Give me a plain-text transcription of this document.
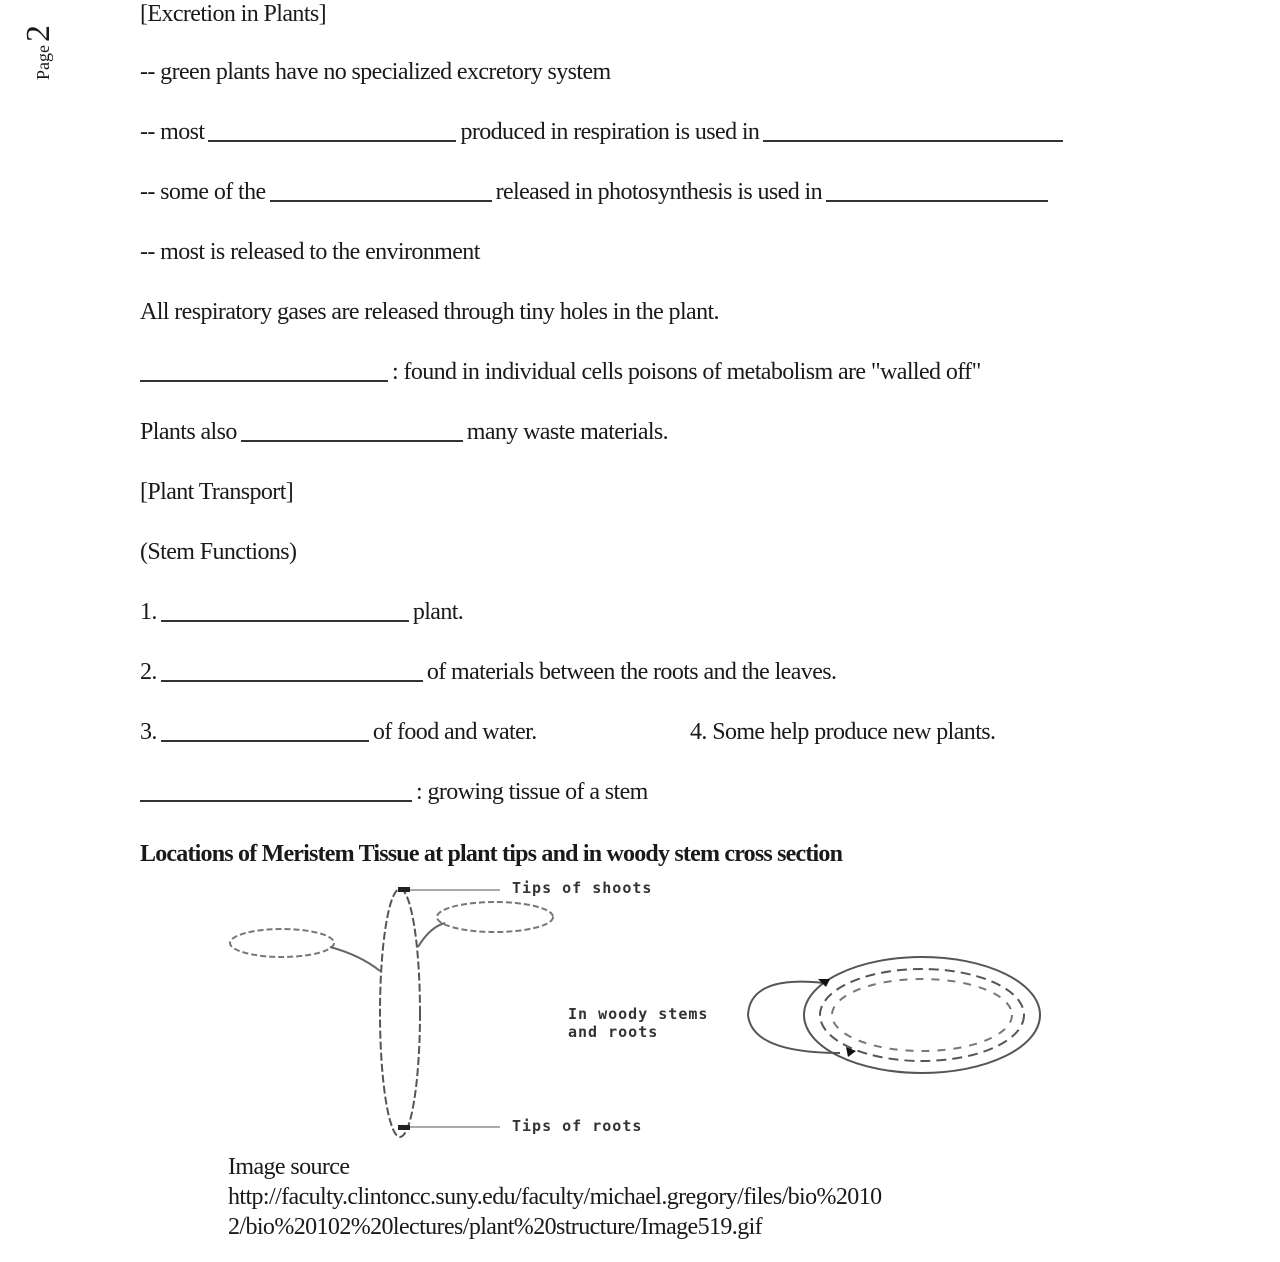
Page2
[Excretion in Plants]
-- green plants have no specialized excretory system
-- most	produced in respiration is used in
-- some of the	released in photosynthesis is used in
-- most is released to the environment
All respiratory gases are released through tiny holes in the plant.
: found in individual cells poisons of metabolism are "walled off"
Plants also	many waste materials.
[Plant Transport]
(Stem Functions)
1.	plant.
2.	of materials between the roots and the leaves.
3.	of food and water.	4. Some help produce new plants.
: growing tissue of a stem
Locations of Meristem Tissue at plant tips and in woody stem cross section
Tips of shoots
In woody stems
and roots
Tips of roots
Image source
http://faculty.clintoncc.suny.edu/faculty/michael.gregory/files/bio%2010
2/bio%20102%20lectures/plant%20structure/Image519.gif
